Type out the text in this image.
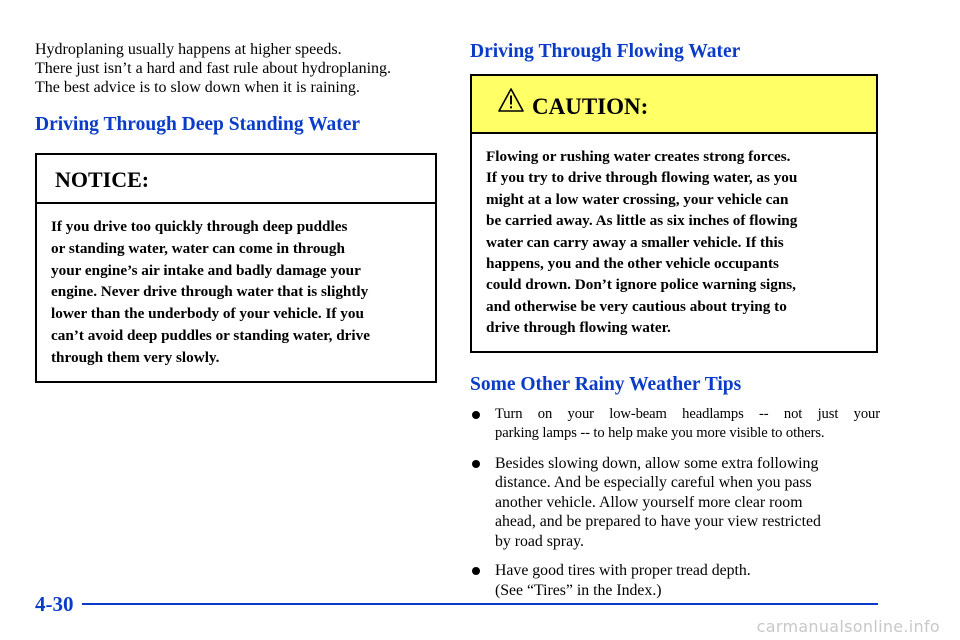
Hydroplaning usually happens at higher speeds.
There just isn’t a hard and fast rule about hydroplaning.
The best advice is to slow down when it is raining.

Driving Through Deep Standing Water
NOTICE:
If you drive too quickly through deep puddles
or standing water, water can come in through
your engine’s air intake and badly damage your
engine. Never drive through water that is slightly
lower than the underbody of your vehicle. If you
can’t avoid deep puddles or standing water, drive
through them very slowly.
Driving Through Flowing Water
CAUTION:
Flowing or rushing water creates strong forces.
If you try to drive through flowing water, as you
might at a low water crossing, your vehicle can
be carried away. As little as six inches of flowing
water can carry away a smaller vehicle. If this
happens, you and the other vehicle occupants
could drown. Don’t ignore police warning signs,
and otherwise be very cautious about trying to
drive through flowing water.
Some Other Rainy Weather Tips
Turn on your low-beam headlamps -- not just your
parking lamps -- to help make you more visible to others.
Besides slowing down, allow some extra following
distance. And be especially careful when you pass
another vehicle. Allow yourself more clear room
ahead, and be prepared to have your view restricted
by road spray.
Have good tires with proper tread depth.
(See “Tires” in the Index.)
4-30
carmanualsonline.info
